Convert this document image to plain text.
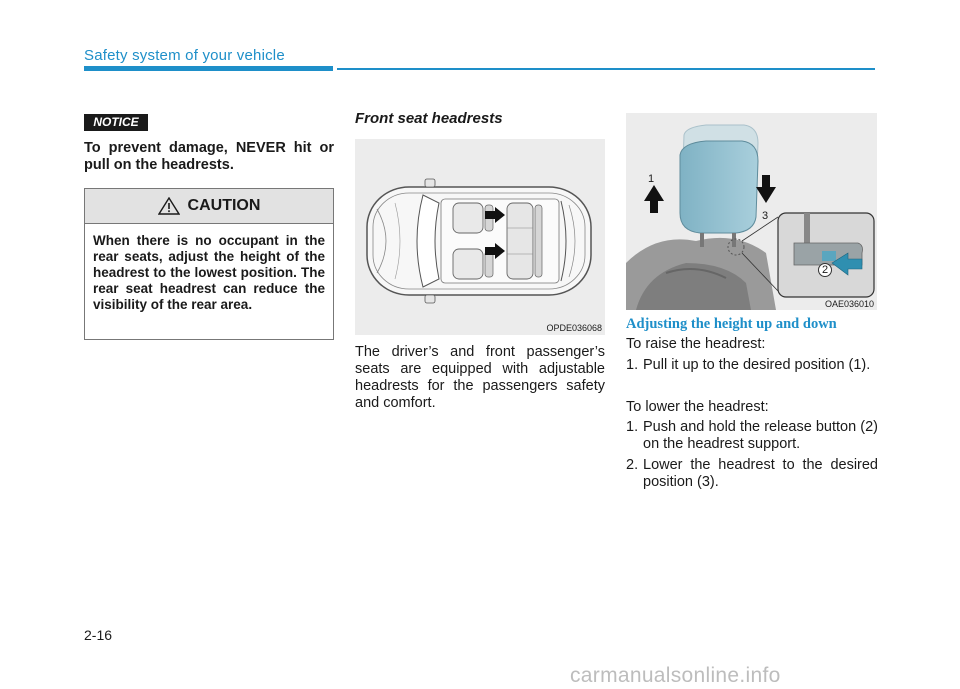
Safety system of your vehicle
NOTICE
To prevent damage, NEVER hit or pull on the headrests.
CAUTION
When there is no occupant in the rear seats, adjust the height of the headrest to the lowest position. The rear seat headrest can reduce the visibility of the rear area.
Front seat headrests
OPDE036068
The driver’s and front passenger’s seats are equipped with adjustable headrests for the passengers safety and comfort.
1
2
3
OAE036010
Adjusting the height up and down
To raise the headrest:
1. Pull it up to the desired position (1).
To lower the headrest:
1. Push and hold the release button (2) on the headrest support.
2. Lower the headrest to the desired position (3).
2-16
carmanualsonline.info
